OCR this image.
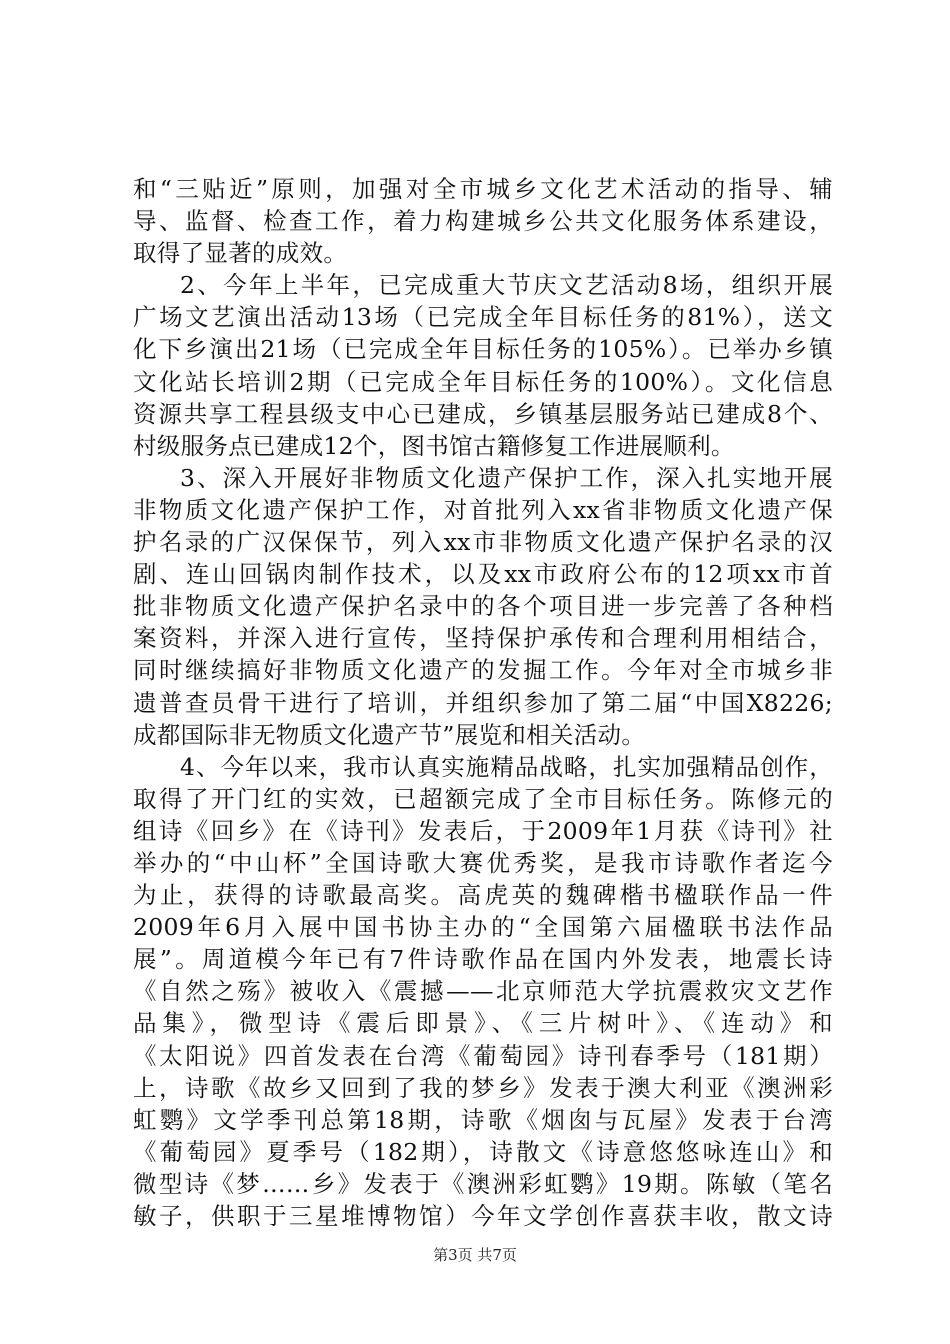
和“三贴近”原则，加强对全市城乡文化艺术活动的指导、辅
导、监督、检查工作，着力构建城乡公共文化服务体系建设，
取得了显著的成效。
2、今年上半年，已完成重大节庆文艺活动8场，组织开展
广场文艺演出活动13场（已完成全年目标任务的81%），送文
化下乡演出21场（已完成全年目标任务的105%）。已举办乡镇
文化站长培训2期（已完成全年目标任务的100%）。文化信息
资源共享工程县级支中心已建成，乡镇基层服务站已建成8个、
村级服务点已建成12个，图书馆古籍修复工作进展顺利。
3、深入开展好非物质文化遗产保护工作，深入扎实地开展
非物质文化遗产保护工作，对首批列入xx省非物质文化遗产保
护名录的广汉保保节，列入xx市非物质文化遗产保护名录的汉
剧、连山回锅肉制作技术，以及xx市政府公布的12项xx市首
批非物质文化遗产保护名录中的各个项目进一步完善了各种档
案资料，并深入进行宣传，坚持保护承传和合理利用相结合，
同时继续搞好非物质文化遗产的发掘工作。今年对全市城乡非
遗普查员骨干进行了培训，并组织参加了第二届“中国X8226;
成都国际非无物质文化遗产节”展览和相关活动。
4、今年以来，我市认真实施精品战略，扎实加强精品创作，
取得了开门红的实效，已超额完成了全市目标任务。陈修元的
组诗《回乡》在《诗刊》发表后，于2009年1月获《诗刊》社
举办的“中山杯”全国诗歌大赛优秀奖，是我市诗歌作者迄今
为止，获得的诗歌最高奖。高虎英的魏碑楷书楹联作品一件
2009年6月入展中国书协主办的“全国第六届楹联书法作品
展”。周道模今年已有7件诗歌作品在国内外发表，地震长诗
《自然之殇》被收入《震撼——北京师范大学抗震救灾文艺作
品集》，微型诗《震后即景》、《三片树叶》、《连动》和
《太阳说》四首发表在台湾《葡萄园》诗刊春季号（181期）
上，诗歌《故乡又回到了我的梦乡》发表于澳大利亚《澳洲彩
虹鹦》文学季刊总第18期，诗歌《烟囱与瓦屋》发表于台湾
《葡萄园》夏季号（182期），诗散文《诗意悠悠咏连山》和
微型诗《梦……乡》发表于《澳洲彩虹鹦》19期。陈敏（笔名
敏子，供职于三星堆博物馆）今年文学创作喜获丰收，散文诗
第3页 共7页
